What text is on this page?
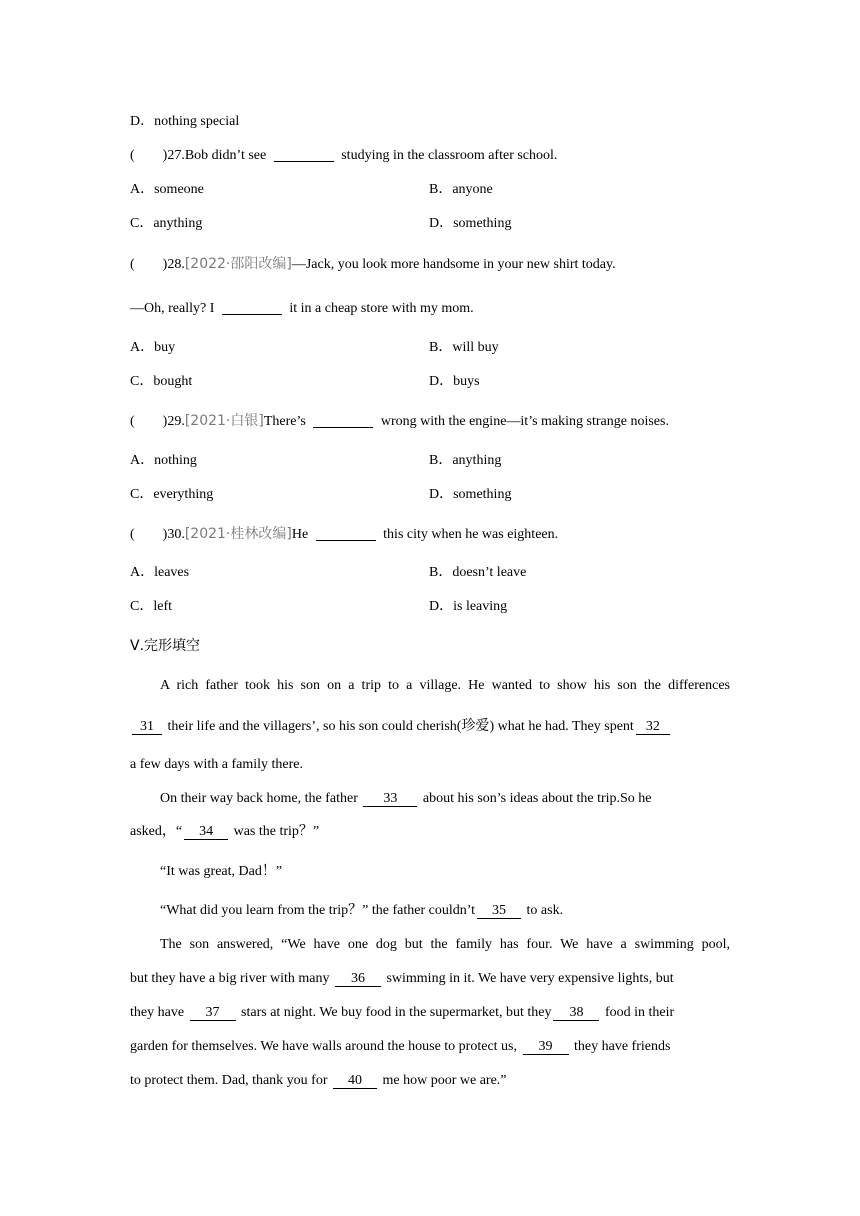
D．nothing special
(　　)27.Bob didn’t see	studying in the classroom after school.
A．someone	B．anyone
C．anything	D．something
(　　)28.[2022·邵阳改编]—Jack, you look more handsome in your new shirt today.
—Oh, really? I	it in a cheap store with my mom.
A．buy	B．will buy
C．bought	D．buys
(　　)29.[2021·白银]There’s	wrong with the engine—it’s making strange noises.
A．nothing	B．anything
C．everything	D．something
(　　)30.[2021·桂林改编]He	this city when he was eighteen.
A．leaves	B．doesn’t leave
C．left	D．is leaving
Ⅴ.完形填空
A rich father took his son on a trip to a village. He wanted to show his son the differences
31 their life and the villagers’, so his son could cherish(珍爱) what he had. They spent 32
a few days with a family there.
On their way back home, the father 33 about his son’s ideas about the trip.So he
asked，“ 34 was the trip？”
“It was great, Dad！”
“What did you learn from the trip？” the father couldn’t 35 to ask.
The son answered, “We have one dog but the family has four. We have a swimming pool,
but they have a big river with many 36 swimming in it. We have very expensive lights, but
they have 37 stars at night. We buy food in the supermarket, but they 38 food in their
garden for themselves. We have walls around the house to protect us, 39 they have friends
to protect them. Dad, thank you for 40 me how poor we are.”
